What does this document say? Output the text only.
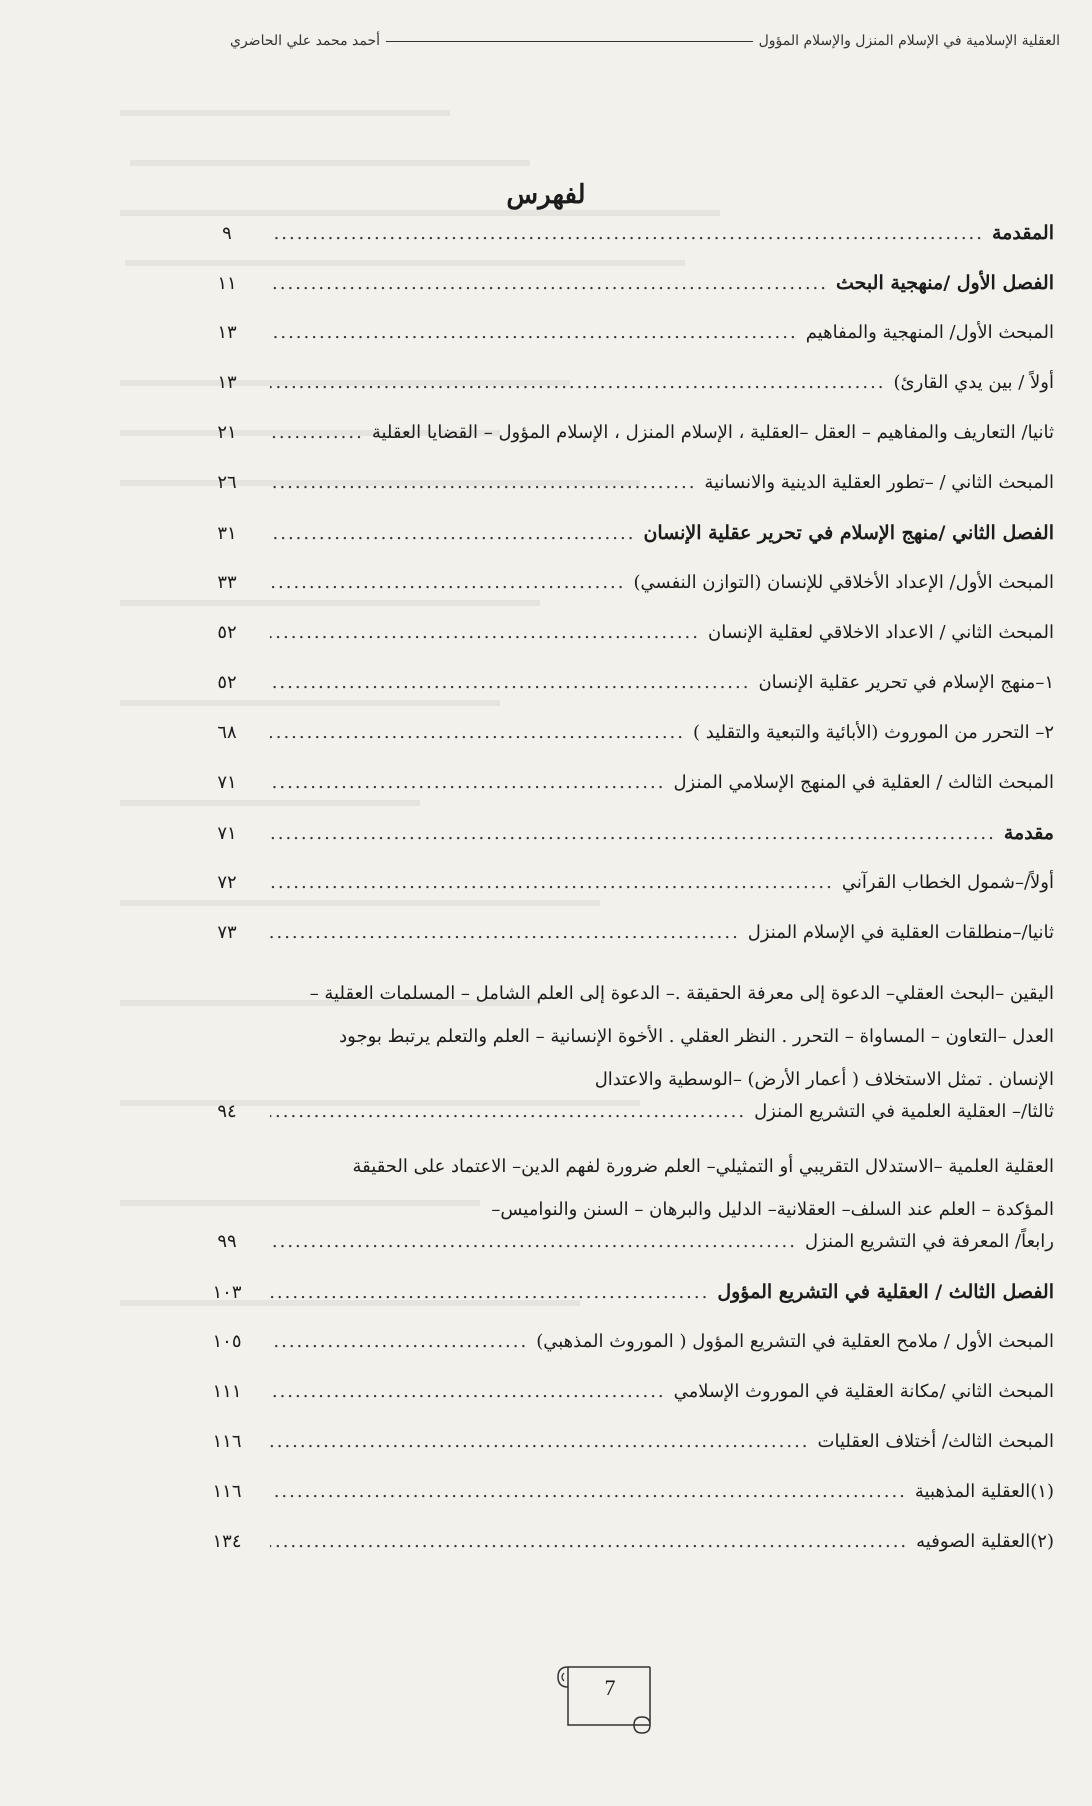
العقلية الإسلامية في الإسلام المنزل والإسلام المؤول
أحمد محمد علي الحاضري
لفهرس
المقدمة
.....
٩
الفصل الأول /منهجية البحث
.....
١١
المبحث الأول/ المنهجية والمفاهيم
.....
١٣
أولاً / بين يدي القارئ)
.....
١٣
ثانيا/ التعاريف والمفاهيم – العقل –العقلية ، الإسلام المنزل ، الإسلام المؤول – القضايا العقلية
.....
٢١
المبحث الثاني / –تطور العقلية الدينية والانسانية
.....
٢٦
الفصل الثاني /منهج الإسلام في تحرير عقلية الإنسان
.....
٣١
المبحث الأول/ الإعداد الأخلاقي للإنسان (التوازن النفسي)
.....
٣٣
المبحث الثاني / الاعداد الاخلاقي لعقلية الإنسان
.....
٥٢
١–منهج الإسلام في تحرير عقلية الإنسان
.....
٥٢
٢– التحرر من الموروث (الأبائية والتبعية والتقليد )
.....
٦٨
المبحث الثالث / العقلية في المنهج الإسلامي المنزل
.....
٧١
مقدمة
.....
٧١
أولاً/–شمول الخطاب القرآني
.....
٧٢
ثانيا/–منطلقات العقلية في الإسلام المنزل
.....
٧٣
اليقين –البحث العقلي– الدعوة إلى معرفة الحقيقة .– الدعوة إلى العلم الشامل – المسلمات العقلية –
العدل –التعاون – المساواة – التحرر . النظر العقلي . الأخوة الإنسانية – العلم والتعلم يرتبط بوجود
الإنسان . تمثل الاستخلاف ( أعمار الأرض) –الوسطية والاعتدال
ثالثا/– العقلية العلمية في التشريع المنزل
.....
٩٤
العقلية العلمية –الاستدلال التقريبي أو التمثيلي– العلم ضرورة لفهم الدين– الاعتماد على الحقيقة
المؤكدة – العلم عند السلف– العقلانية– الدليل والبرهان – السنن والنواميس–
رابعاً/ المعرفة في التشريع المنزل
.....
٩٩
الفصل الثالث / العقلية في التشريع المؤول
.....
١٠٣
المبحث الأول / ملامح العقلية في التشريع المؤول ( الموروث المذهبي)
.....
١٠٥
المبحث الثاني /مكانة العقلية في الموروث الإسلامي
.....
١١١
المبحث الثالث/ أختلاف العقليات
.....
١١٦
(١)العقلية المذهبية
.....
١١٦
(٢)العقلية الصوفيه
.....
١٣٤
7
